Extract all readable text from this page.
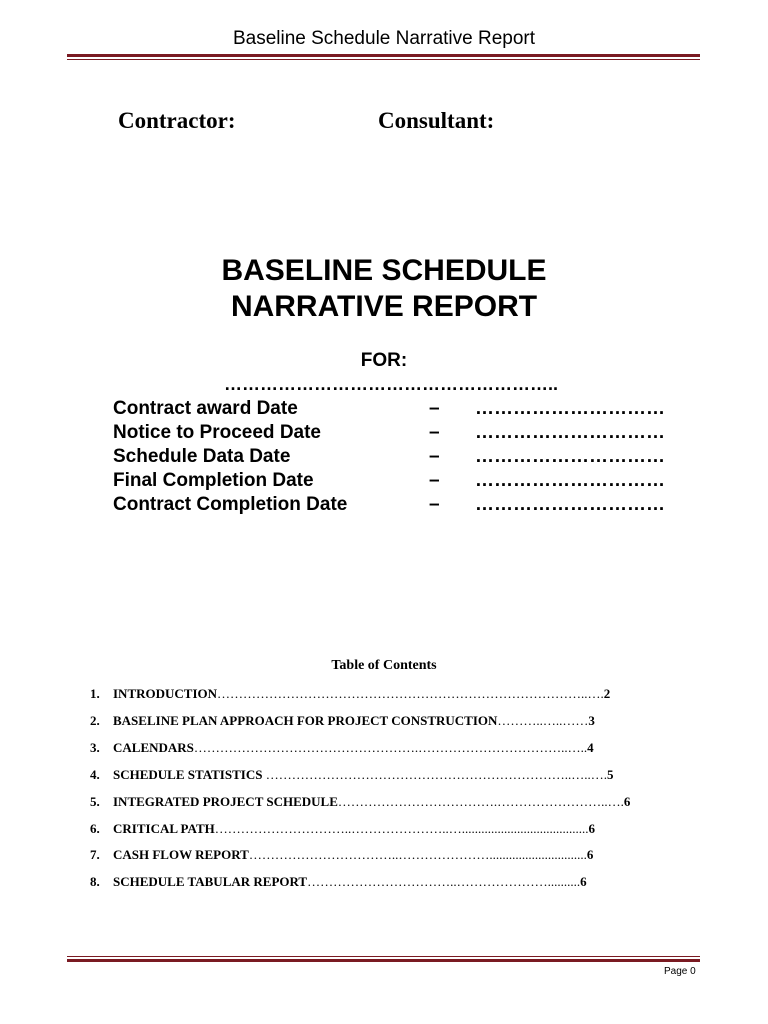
Baseline Schedule Narrative Report
Contractor:	Consultant:
BASELINE SCHEDULE
NARRATIVE REPORT
FOR:
………………………………………………..
Contract award Date	– …………………………
Notice to Proceed Date	– …………………………
Schedule Data Date	– …………………………
Final Completion Date	– …………………………
Contract Completion Date	– …………………………
Table of Contents
1. INTRODUCTION…………………………………………………………………………..….2
2. BASELINE PLAN APPROACH FOR PROJECT CONSTRUCTION………..…..……3
3. CALENDARS…………………………………………….……………………………..…..4
4. SCHEDULE STATISTICS ……………………………………………………………..…..….5
5. INTEGRATED PROJECT SCHEDULE……………………………….……………………..….6
6. CRITICAL PATH…………………………..…………………..….......................................6
7. CASH FLOW REPORT……………………………..…………………..............................6
8. SCHEDULE TABULAR REPORT……………………………..…………………..........6
Page 0
